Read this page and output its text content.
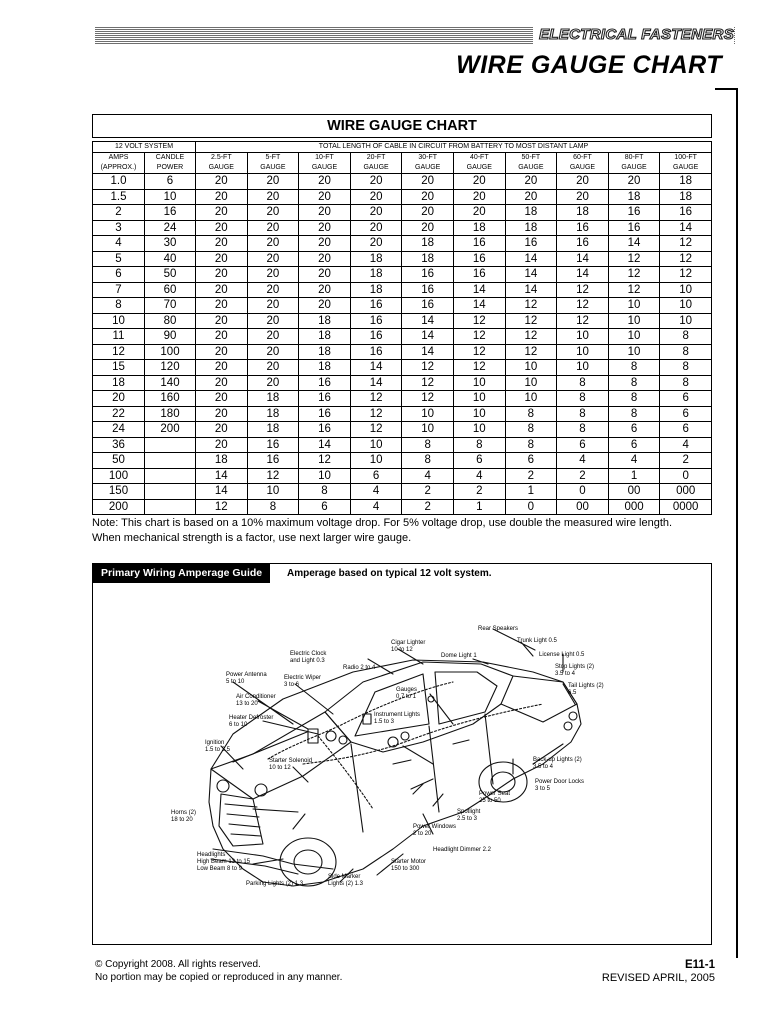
ELECTRICAL FASTENERS
WIRE GAUGE CHART
WIRE GAUGE CHART
12 VOLT SYSTEM		TOTAL LENGTH OF CABLE IN CIRCUIT FROM BATTERY TO MOST DISTANT LAMP									
AMPS	CANDLE	2.5-FT	5-FT	10-FT	20-FT	30-FT	40-FT	50-FT	60-FT	80-FT	100-FT
(APPROX.)	POWER	GAUGE	GAUGE	GAUGE	GAUGE	GAUGE	GAUGE	GAUGE	GAUGE	GAUGE	GAUGE
1.0	6	20	20	20	20	20	20	20	20	20	18
1.5	10	20	20	20	20	20	20	20	20	18	18
2	16	20	20	20	20	20	20	18	18	16	16
3	24	20	20	20	20	20	18	18	16	16	14
4	30	20	20	20	20	18	16	16	16	14	12
5	40	20	20	20	18	18	16	14	14	12	12
6	50	20	20	20	18	16	16	14	14	12	12
7	60	20	20	20	18	16	14	14	12	12	10
8	70	20	20	20	16	16	14	12	12	10	10
10	80	20	20	18	16	14	12	12	12	10	10
11	90	20	20	18	16	14	12	12	10	10	8
12	100	20	20	18	16	14	12	12	10	10	8
15	120	20	20	18	14	12	12	10	10	8	8
18	140	20	20	16	14	12	10	10	8	8	8
20	160	20	18	16	12	12	10	10	8	8	6
22	180	20	18	16	12	10	10	8	8	8	6
24	200	20	18	16	12	10	10	8	8	6	6
36		20	16	14	10	8	8	8	6	6	4
50		18	16	12	10	8	6	6	4	4	2
100		14	12	10	6	4	4	2	2	1	0
150		14	10	8	4	2	2	1	0	00	000
200		12	8	6	4	2	1	0	00	000	0000
Note: This chart is based on a 10% maximum voltage drop. For 5% voltage drop, use double the measured wire length.
When mechanical strength is a factor, use next larger wire gauge.
Primary Wiring Amperage Guide	Amperage based on typical 12 volt system.
Rear Speakers
Trunk Light 0.5
Cigar Lighter
10 to 12
License Light 0.5
Electric Clock
and Light 0.3
Dome Light 1
Radio 2 to 4	Stop Lights (2)
3.5 to 4
Power Antenna
5 to 10
Electric Wiper
3 to 6	Tail Lights (2)
6.5
Gauges
0.7 to 1
Air Conditioner
13 to 20
Instrument Lights
1.5 to 3
Heater Defroster
6 to 10
Ignition
1.5 to 3.5
Back-up Lights (2)
3.5 to 4
Starter Solenoid
10 to 12
Power Door Locks
3 to 5
Power Seat
25 to 50
Horns (2)
18 to 20
Spotlight
2.5 to 3
Power Windows
2 to 20
Headlight Dimmer 2.2
Headlights
High Beam 13 to 15
Low Beam 8 to 9
Starter Motor
150 to 300
Side Marker
Lights (2) 1.3
Parking Lights (2) 1.3
© Copyright 2008. All rights reserved.
No portion may be copied or reproduced in any manner.
E11-1
REVISED APRIL, 2005
